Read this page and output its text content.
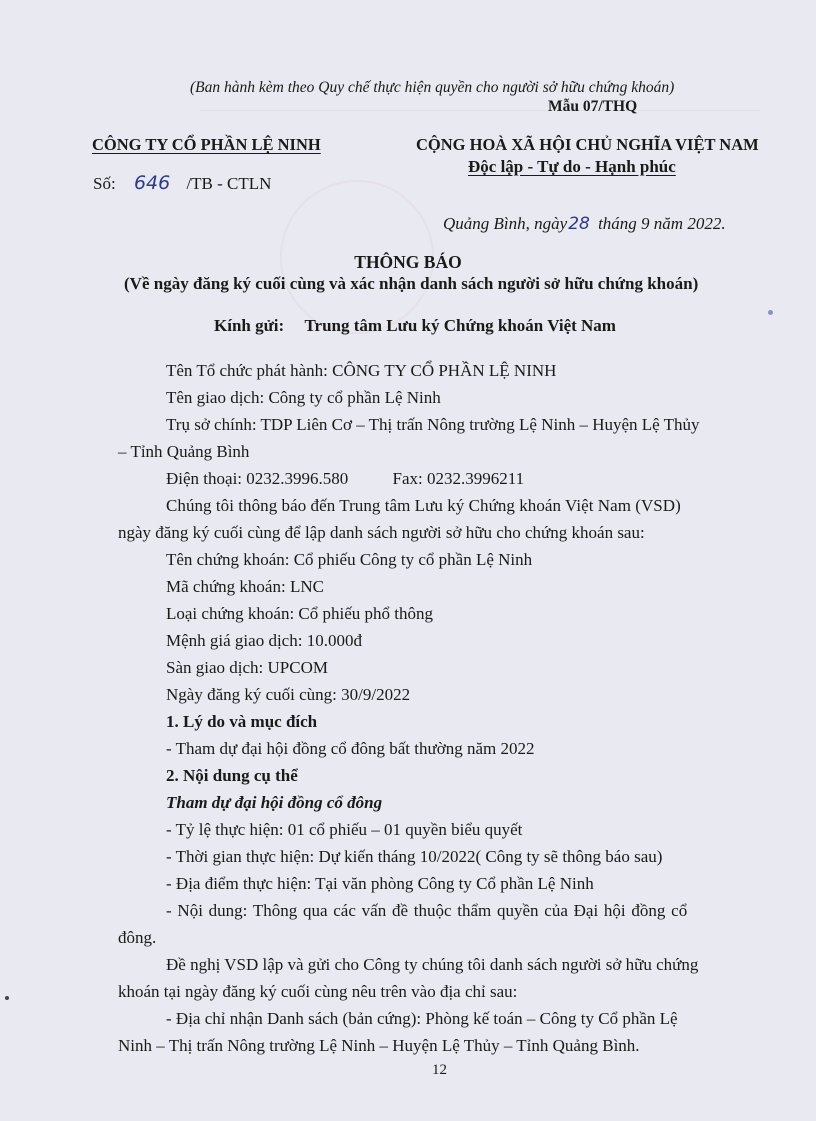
(Ban hành kèm theo Quy chế thực hiện quyền cho người sở hữu chứng khoán)
Mẫu 07/THQ
CÔNG TY CỔ PHẦN LỆ NINH	CỘNG HOÀ XÃ HỘI CHỦ NGHĨA VIỆT NAM
Độc lập - Tự do - Hạnh phúc
Số: 646 /TB - CTLN
Quảng Bình, ngày28 tháng 9 năm 2022.
THÔNG BÁO
(Về ngày đăng ký cuối cùng và xác nhận danh sách người sở hữu chứng khoán)
Kính gửi: Trung tâm Lưu ký Chứng khoán Việt Nam
Tên Tổ chức phát hành: CÔNG TY CỔ PHẦN LỆ NINH
Tên giao dịch: Công ty cổ phần Lệ Ninh
Trụ sở chính: TDP Liên Cơ – Thị trấn Nông trường Lệ Ninh – Huyện Lệ Thủy
– Tỉnh Quảng Bình
Điện thoại: 0232.3996.580	Fax: 0232.3996211
Chúng tôi thông báo đến Trung tâm Lưu ký Chứng khoán Việt Nam (VSD)
ngày đăng ký cuối cùng để lập danh sách người sở hữu cho chứng khoán sau:
Tên chứng khoán: Cổ phiếu Công ty cổ phần Lệ Ninh
Mã chứng khoán: LNC
Loại chứng khoán: Cổ phiếu phổ thông
Mệnh giá giao dịch: 10.000đ
Sàn giao dịch: UPCOM
Ngày đăng ký cuối cùng: 30/9/2022
1. Lý do và mục đích
- Tham dự đại hội đồng cổ đông bất thường năm 2022
2. Nội dung cụ thể
Tham dự đại hội đồng cổ đông
- Tỷ lệ thực hiện: 01 cổ phiếu – 01 quyền biểu quyết
- Thời gian thực hiện: Dự kiến tháng 10/2022( Công ty sẽ thông báo sau)
- Địa điểm thực hiện: Tại văn phòng Công ty Cổ phần Lệ Ninh
- Nội dung: Thông qua các vấn đề thuộc thẩm quyền của Đại hội đồng cổ
đông.
Đề nghị VSD lập và gửi cho Công ty chúng tôi danh sách người sở hữu chứng
khoán tại ngày đăng ký cuối cùng nêu trên vào địa chỉ sau:
- Địa chỉ nhận Danh sách (bản cứng): Phòng kế toán – Công ty Cổ phần Lệ
Ninh – Thị trấn Nông trường Lệ Ninh – Huyện Lệ Thủy – Tỉnh Quảng Bình.
12
